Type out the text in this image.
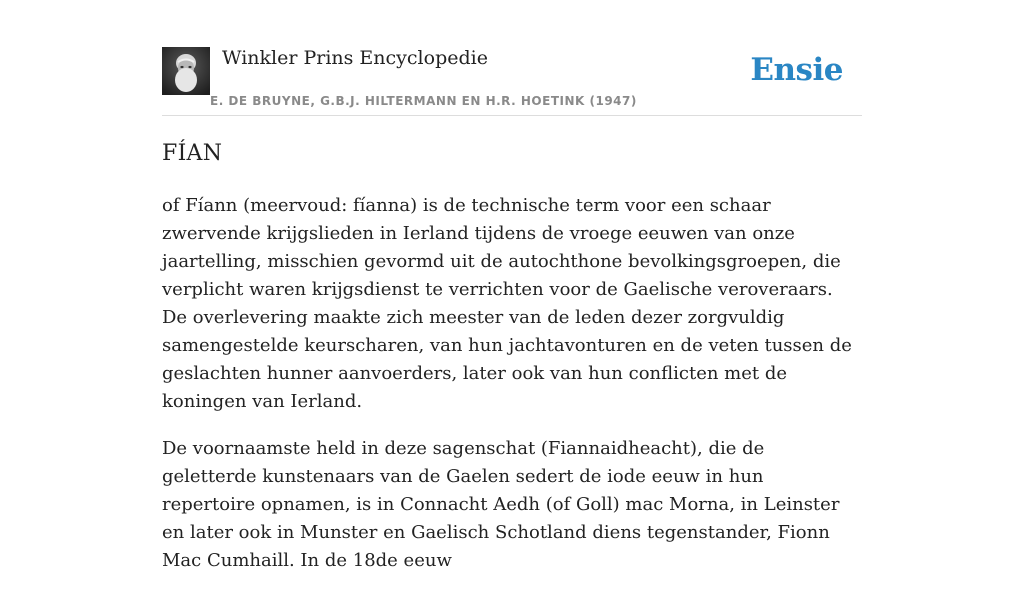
Winkler Prins Encyclopedie
E. DE BRUYNE, G.B.J. HILTERMANN EN H.R. HOETINK (1947)
Ensie
FÍAN

of Fíann (meervoud: fíanna) is de technische term voor een schaar zwervende krijgslieden in Ierland tijdens de vroege eeuwen van onze jaartelling, misschien gevormd uit de autochthone bevolkingsgroepen, die verplicht waren krijgsdienst te verrichten voor de Gaelische veroveraars. De overlevering maakte zich meester van de leden dezer zorgvuldig samengestelde keurscharen, van hun jachtavonturen en de veten tussen de geslachten hunner aanvoerders, later ook van hun conflicten met de koningen van Ierland.

De voornaamste held in deze sagenschat (Fiannaidheacht), die de geletterde kunstenaars van de Gaelen sedert de iode eeuw in hun repertoire opnamen, is in Connacht Aedh (of Goll) mac Morna, in Leinster en later ook in Munster en Gaelisch Schotland diens tegenstander, Fionn Mac Cumhaill. In de 18de eeuw
